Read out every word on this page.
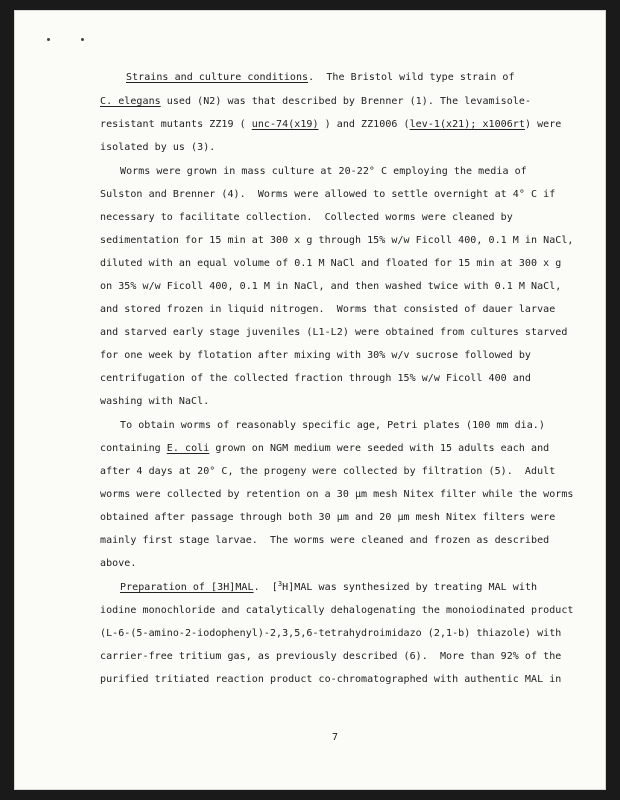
Strains and culture conditions.  The Bristol wild type strain of
C. elegans used (N2) was that described by Brenner (1). The levamisole-
resistant mutants ZZ19 ( unc-74(x19) ) and ZZ1006 (lev-1(x21); x1006rt) were
isolated by us (3).
Worms were grown in mass culture at 20-22° C employing the media of
Sulston and Brenner (4).  Worms were allowed to settle overnight at 4° C if
necessary to facilitate collection.  Collected worms were cleaned by
sedimentation for 15 min at 300 x g through 15% w/w Ficoll 400, 0.1 M in NaCl,
diluted with an equal volume of 0.1 M NaCl and floated for 15 min at 300 x g
on 35% w/w Ficoll 400, 0.1 M in NaCl, and then washed twice with 0.1 M NaCl,
and stored frozen in liquid nitrogen.  Worms that consisted of dauer larvae
and starved early stage juveniles (L1-L2) were obtained from cultures starved
for one week by flotation after mixing with 30% w/v sucrose followed by
centrifugation of the collected fraction through 15% w/w Ficoll 400 and
washing with NaCl.
To obtain worms of reasonably specific age, Petri plates (100 mm dia.)
containing E. coli grown on NGM medium were seeded with 15 adults each and
after 4 days at 20° C, the progeny were collected by filtration (5).  Adult
worms were collected by retention on a 30 μm mesh Nitex filter while the worms
obtained after passage through both 30 μm and 20 μm mesh Nitex filters were
mainly first stage larvae.  The worms were cleaned and frozen as described
above.
Preparation of [3H]MAL.  [$^3$H]MAL was synthesized by treating MAL with
iodine monochloride and catalytically dehalogenating the monoiodinated product
(L-6-(5-amino-2-iodophenyl)-2,3,5,6-tetrahydroimidazo (2,1-b) thiazole) with
carrier-free tritium gas, as previously described (6).  More than 92% of the
purified tritiated reaction product co-chromatographed with authentic MAL in
7
